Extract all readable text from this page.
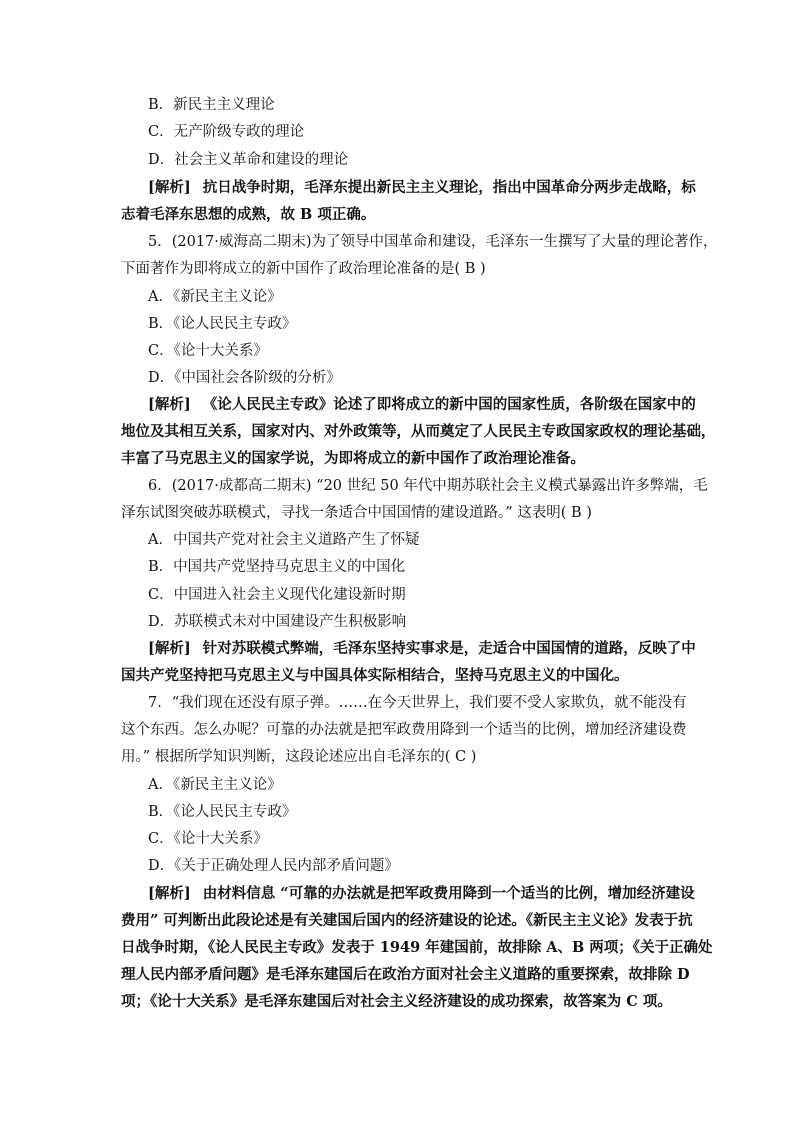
B．新民主主义理论
C．无产阶级专政的理论
D．社会主义革命和建设的理论
[解析] 抗日战争时期，毛泽东提出新民主主义理论，指出中国革命分两步走战略，标
志着毛泽东思想的成熟，故 B 项正确。
5．(2017·威海高二期末)为了领导中国革命和建设，毛泽东一生撰写了大量的理论著作，
下面著作为即将成立的新中国作了政治理论准备的是( B )
A．《新民主主义论》
B．《论人民民主专政》
C．《论十大关系》
D．《中国社会各阶级的分析》
[解析] 《论人民民主专政》论述了即将成立的新中国的国家性质，各阶级在国家中的
地位及其相互关系，国家对内、对外政策等，从而奠定了人民民主专政国家政权的理论基础，
丰富了马克思主义的国家学说，为即将成立的新中国作了政治理论准备。
6．(2017·成都高二期末) “20 世纪 50 年代中期苏联社会主义模式暴露出许多弊端，毛
泽东试图突破苏联模式，寻找一条适合中国国情的建设道路。” 这表明( B )
A．中国共产党对社会主义道路产生了怀疑
B．中国共产党坚持马克思主义的中国化
C．中国进入社会主义现代化建设新时期
D．苏联模式未对中国建设产生积极影响
[解析] 针对苏联模式弊端，毛泽东坚持实事求是，走适合中国国情的道路，反映了中
国共产党坚持把马克思主义与中国具体实际相结合，坚持马克思主义的中国化。
7．“我们现在还没有原子弹。……在今天世界上，我们要不受人家欺负，就不能没有
这个东西。怎么办呢？可靠的办法就是把军政费用降到一个适当的比例，增加经济建设费
用。” 根据所学知识判断，这段论述应出自毛泽东的( C )
A．《新民主主义论》
B．《论人民民主专政》
C．《论十大关系》
D．《关于正确处理人民内部矛盾问题》
[解析] 由材料信息 “可靠的办法就是把军政费用降到一个适当的比例，增加经济建设
费用” 可判断出此段论述是有关建国后国内的经济建设的论述。《新民主主义论》发表于抗
日战争时期，《论人民民主专政》发表于 1949 年建国前，故排除 A、B 两项；《关于正确处
理人民内部矛盾问题》是毛泽东建国后在政治方面对社会主义道路的重要探索，故排除 D
项；《论十大关系》是毛泽东建国后对社会主义经济建设的成功探索，故答案为 C 项。
